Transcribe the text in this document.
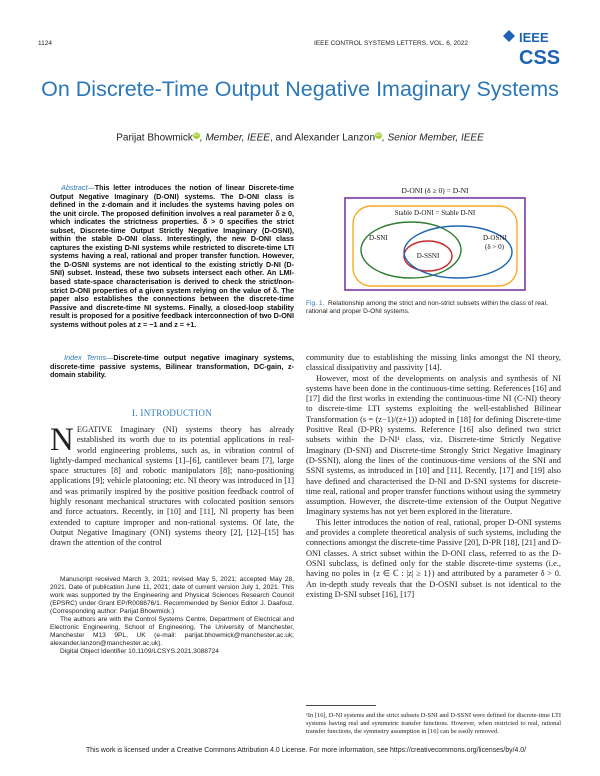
1124	IEEE CONTROL SYSTEMS LETTERS, VOL. 6, 2022	IEEE
CSS
On Discrete-Time Output Negative Imaginary Systems
Parijat BhowmickiD, Member, IEEE, and Alexander LanzoniD, Senior Member, IEEE
Abstract—This letter introduces the notion of linear Discrete-time Output Negative Imaginary (D-ONI) systems. The D-ONI class is defined in the z-domain and it includes the systems having poles on the unit circle. The proposed definition involves a real parameter δ ≥ 0, which indicates the strictness properties. δ > 0 specifies the strict subset, Discrete-time Output Strictly Negative Imaginary (D-OSNI), within the stable D-ONI class. Interestingly, the new D-ONI class captures the existing D-NI systems while restricted to discrete-time LTI systems having a real, rational and proper transfer function. However, the D-OSNI systems are not identical to the existing strictly D-NI (D-SNI) subset. Instead, these two subsets intersect each other. An LMI-based state-space characterisation is derived to check the strict/non-strict D-ONI properties of a given system relying on the value of δ. The paper also establishes the connections between the discrete-time Passive and discrete-time NI systems. Finally, a closed-loop stability result is proposed for a positive feedback interconnection of two D-ONI systems without poles at z = −1 and z = +1.
Index Terms—Discrete-time output negative imaginary systems, discrete-time passive systems, Bilinear transformation, DC-gain, z-domain stability.
I. INTRODUCTION
NEGATIVE Imaginary (NI) systems theory has already established its worth due to its potential applications in real-world engineering problems, such as, in vibration control of lightly-damped mechanical systems [1]–[6], cantilever beam [7], large space structures [8] and robotic manipulators [8]; nano-positioning applications [9]; vehicle platooning; etc. NI theory was introduced in [1] and was primarily inspired by the positive position feedback control of highly resonant mechanical structures with colocated position sensors and force actuators. Recently, in [10] and [11], NI property has been extended to capture improper and non-rational systems. Of late, the Output Negative Imaginary (ONI) systems theory [2], [12]–[15] has drawn the attention of the control

Manuscript received March 3, 2021; revised May 5, 2021; accepted May 28, 2021. Date of publication June 11, 2021; date of current version July 1, 2021. This work was supported by the Engineering and Physical Sciences Research Council (EPSRC) under Grant EP/R008876/1. Recommended by Senior Editor J. Daafouz. (Corresponding author: Parijat Bhowmick.)

The authors are with the Control Systems Centre, Department of Electrical and Electronic Engineering, School of Engineering, The University of Manchester, Manchester M13 9PL, UK (e-mail: parijat.bhowmick@manchester.ac.uk; alexander.lanzon@manchester.ac.uk).

Digital Object Identifier 10.1109/LCSYS.2021.3088724

D-ONI (δ ≥ 0) = D-NI
Stable D-ONI = Stable D-NI
D-SNI
D-SSNI
D-OSNI
(δ > 0)
Fig. 1. Relationship among the strict and non-strict subsets within the class of real, rational and proper D-ONI systems.

community due to establishing the missing links amongst the NI theory, classical dissipativity and passivity [14].

However, most of the developments on analysis and synthesis of NI systems have been done in the continuous-time setting. References [16] and [17] did the first works in extending the continuous-time NI (C-NI) theory to discrete-time LTI systems exploiting the well-established Bilinear Transformation (s = (z−1)/(z+1)) adopted in [18] for defining Discrete-time Positive Real (D-PR) systems. Reference [16] also defined two strict subsets within the D-NI¹ class, viz. Discrete-time Strictly Negative Imaginary (D-SNI) and Discrete-time Strongly Strict Negative Imaginary (D-SSNI), along the lines of the continuous-time versions of the SNI and SSNI systems, as introduced in [10] and [11]. Recently, [17] and [19] also have defined and characterised the D-NI and D-SNI systems for discrete-time real, rational and proper transfer functions without using the symmetry assumption. However, the discrete-time extension of the Output Negative Imaginary systems has not yet been explored in the literature.

This letter introduces the notion of real, rational, proper D-ONI systems and provides a complete theoretical analysis of such systems, including the connections amongst the discrete-time Passive [20], D-PR [18], [21] and D-ONI classes. A strict subset within the D-ONI class, referred to as the D-OSNI subclass, is defined only for the stable discrete-time systems (i.e., having no poles in {z ∈ ℂ : |z| ≥ 1}) and attributed by a parameter δ > 0. An in-depth study reveals that the D-OSNI subset is not identical to the existing D-SNI subset [16], [17]

¹In [16], D-NI systems and the strict subsets D-SNI and D-SSNI were defined for discrete-time LTI systems having real and symmetric transfer functions. However, when restricted to real, rational transfer functions, the symmetry assumption in [16] can be easily removed.
This work is licensed under a Creative Commons Attribution 4.0 License. For more information, see https://creativecommons.org/licenses/by/4.0/
